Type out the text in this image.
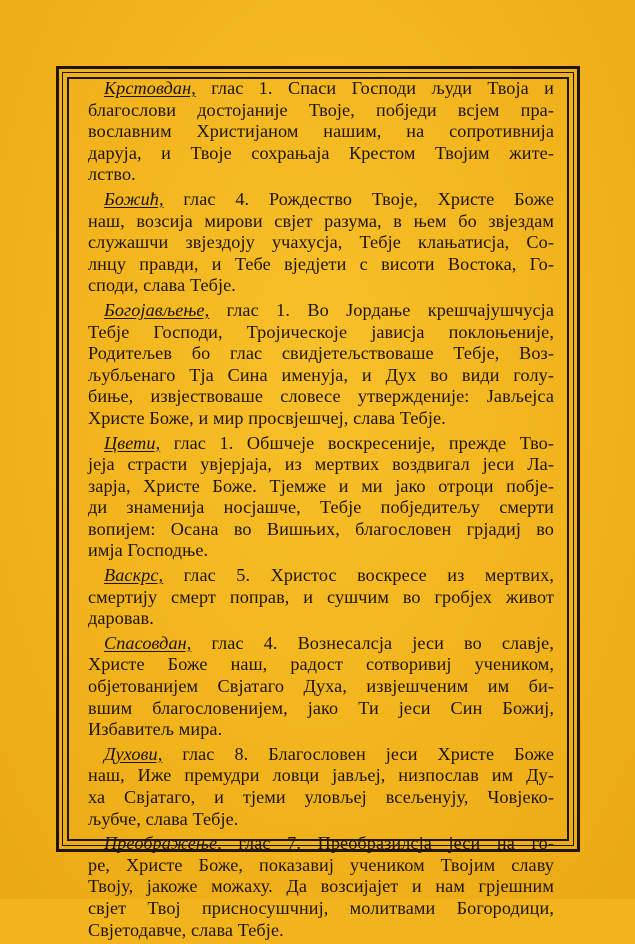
Крстовдан, глас 1. Спаси Господи људи Твоја и
благослови достојаније Твоје, побједи всјем пра-
вославним Христијаном нашим, на сопротивнија
даруја, и Твоје сохрањаја Крестом Твојим жите-
лство.
Божић, глас 4. Рождество Твоје, Христе Боже
наш, возсија мирови свјет разума, в њем бо звјездам
служашчи звјездоју учахусја, Тебје клањатисја, Со-
лнцу правди, и Тебе вједјети с висоти Востока, Го-
споди, слава Тебје.
Богојављење, глас 1. Во Јордање крешчајушчусја
Тебје Господи, Тројическоје јависја поклоњеније,
Родитељев бо глас свидјетељствоваше Тебје, Воз-
љубљенаго Тја Сина именуја, и Дух во види голу-
биње, извјествоваше словесе утвержденије: Јављејса
Христе Боже, и мир просвјешчеј, слава Тебје.
Цвети, глас 1. Обшчеје воскресеније, прежде Тво-
јеја страсти увјерјаја, из мертвих воздвигал јеси Ла-
зарја, Христе Боже. Тјемже и ми јако отроци побје-
ди знаменија носјашче, Тебје побједитељу смерти
вопијем: Осана во Вишњих, благословен грјадиј во
имја Господње.
Васкрс, глас 5. Христос воскресе из мертвих,
смертију смерт поправ, и сушчим во гробјех живот
даровав.
Спасовдан, глас 4. Вознесалсја јеси во славје,
Христе Боже наш, радост сотворивиј учеником,
објетованијем Свјатаго Духа, извјешченим им би-
вшим благословенијем, јако Ти јеси Син Божиј,
Избавитељ мира.
Духови, глас 8. Благословен јеси Христе Боже
наш, Иже премудри ловци јављеј, низпослав им Ду-
ха Свјатаго, и тјеми уловљеј всељенују, Човјеко-
љубче, слава Тебје.
Преображење, глас 7. Преобразилсја јеси на го-
ре, Христе Боже, показавиј учеником Твојим славу
Твоју, јакоже можаху. Да возсијајет и нам грјешним
свјет Твој присносушчниј, молитвами Богородици,
Свјетодавче, слава Тебје.
